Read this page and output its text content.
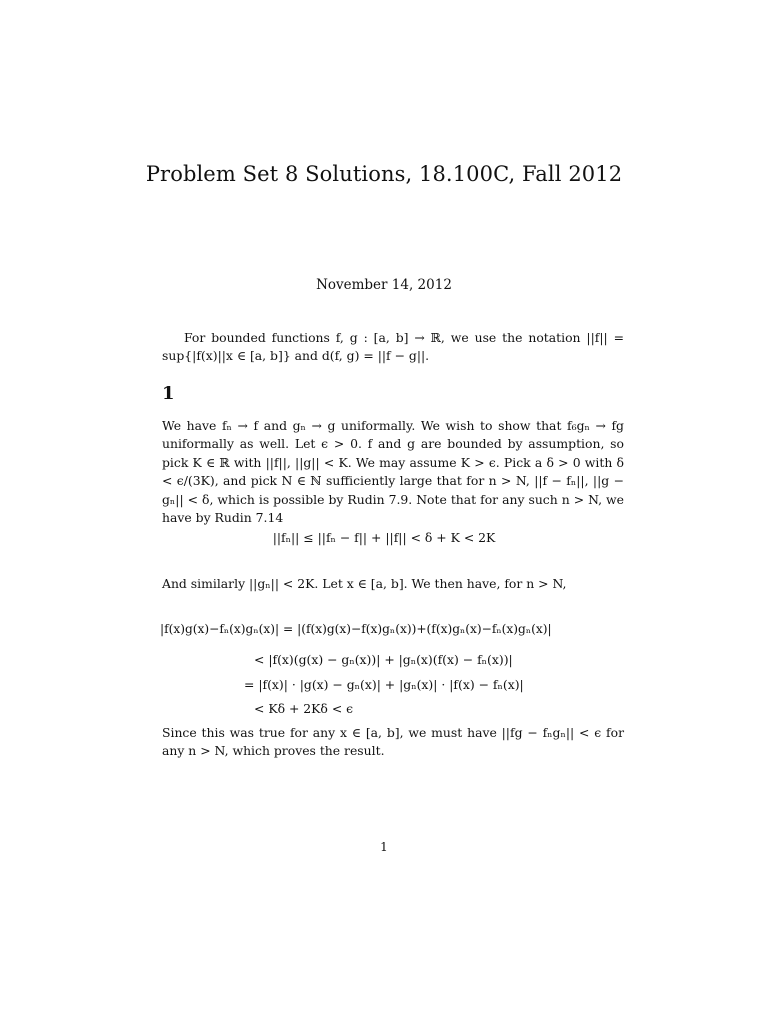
Problem Set 8 Solutions, 18.100C, Fall 2012
November 14, 2012
For bounded functions f, g : [a, b] → ℝ, we use the notation ||f|| = sup{|f(x)||x ∈ [a, b]} and d(f, g) = ||f − g||.
1
We have fₙ → f and gₙ → g uniformally. We wish to show that f₆gₙ → fg uniformally as well. Let ϵ > 0. f and g are bounded by assumption, so pick K ∈ ℝ with ||f||, ||g|| < K. We may assume K > ϵ. Pick a δ > 0 with δ < ϵ/(3K), and pick N ∈ ℕ sufficiently large that for n > N, ||f − fₙ||, ||g − gₙ|| < δ, which is possible by Rudin 7.9. Note that for any such n > N, we have by Rudin 7.14
||fₙ|| ≤ ||fₙ − f|| + ||f|| < δ + K < 2K
And similarly ||gₙ|| < 2K. Let x ∈ [a, b]. We then have, for n > N,
|f(x)g(x)−fₙ(x)gₙ(x)| = |(f(x)g(x)−f(x)gₙ(x))+(f(x)gₙ(x)−fₙ(x)gₙ(x)|
< |f(x)(g(x) − gₙ(x))| + |gₙ(x)(f(x) − fₙ(x))|
= |f(x)| · |g(x) − gₙ(x)| + |gₙ(x)| · |f(x) − fₙ(x)|
< Kδ + 2Kδ < ϵ
Since this was true for any x ∈ [a, b], we must have ||fg − fₙgₙ|| < ϵ for any n > N, which proves the result.
1
